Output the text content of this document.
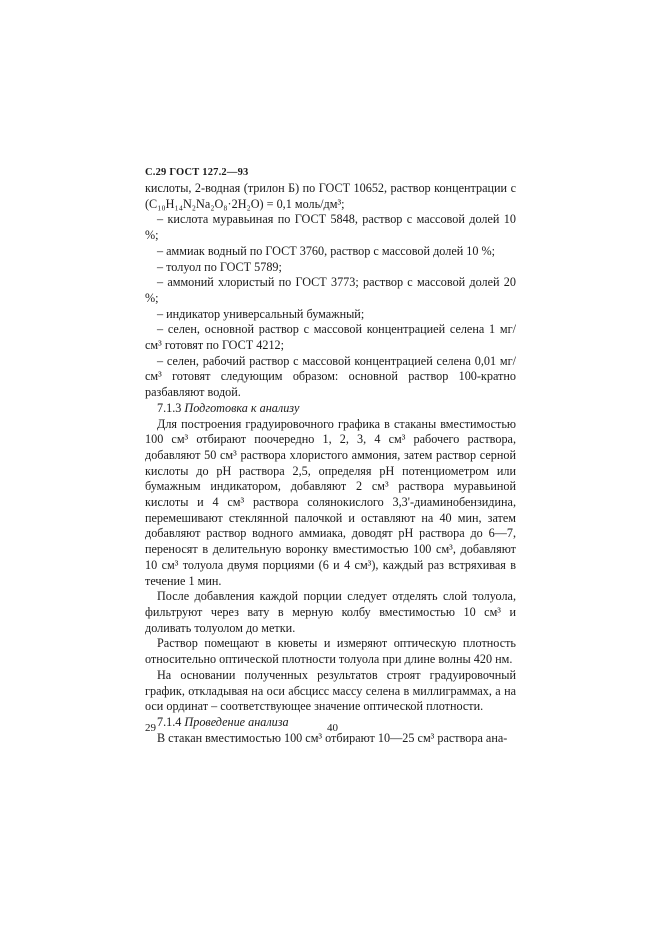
С.29 ГОСТ 127.2—93

кислоты, 2-водная (трилон Б) по ГОСТ 10652, раствор концентрации c (C₁₀H₁₄N₂Na₂O₈·2H₂O) = 0,1 моль/дм³;

– кислота муравьиная по ГОСТ 5848, раствор с массовой долей 10 %;

– аммиак водный по ГОСТ 3760, раствор с массовой долей 10 %;

– толуол по ГОСТ 5789;

– аммоний хлористый по ГОСТ 3773; раствор с массовой долей 20 %;

– индикатор универсальный бумажный;

– селен, основной раствор с массовой концентрацией селена 1 мг/см³ готовят по ГОСТ 4212;

– селен, рабочий раствор с массовой концентрацией селена 0,01 мг/см³ готовят следующим образом: основной раствор 100-кратно разбавляют водой.

7.1.3 Подготовка к анализу

Для построения градуировочного графика в стаканы вместимостью 100 см³ отбирают поочередно 1, 2, 3, 4 см³ рабочего раствора, добавляют 50 см³ раствора хлористого аммония, затем раствор серной кислоты до pH раствора 2,5, определяя pH потенциометром или бумажным индикатором, добавляют 2 см³ раствора муравьиной кислоты и 4 см³ раствора солянокислого 3,3'-диаминобензидина, перемешивают стеклянной палочкой и оставляют на 40 мин, затем добавляют раствор водного аммиака, доводят pH раствора до 6—7, переносят в делительную воронку вместимостью 100 см³, добавляют 10 см³ толуола двумя порциями (6 и 4 см³), каждый раз встряхивая в течение 1 мин.

После добавления каждой порции следует отделять слой толуола, фильтруют через вату в мерную колбу вместимостью 10 см³ и доливать толуолом до метки.

Раствор помещают в кюветы и измеряют оптическую плотность относительно оптической плотности толуола при длине волны 420 нм.

На основании полученных результатов строят градуировочный график, откладывая на оси абсцисс массу селена в миллиграммах, а на оси ординат – соответствующее значение оптической плотности.

7.1.4 Проведение анализа

В стакан вместимостью 100 см³ отбирают 10—25 см³ раствора ана-

29	40
